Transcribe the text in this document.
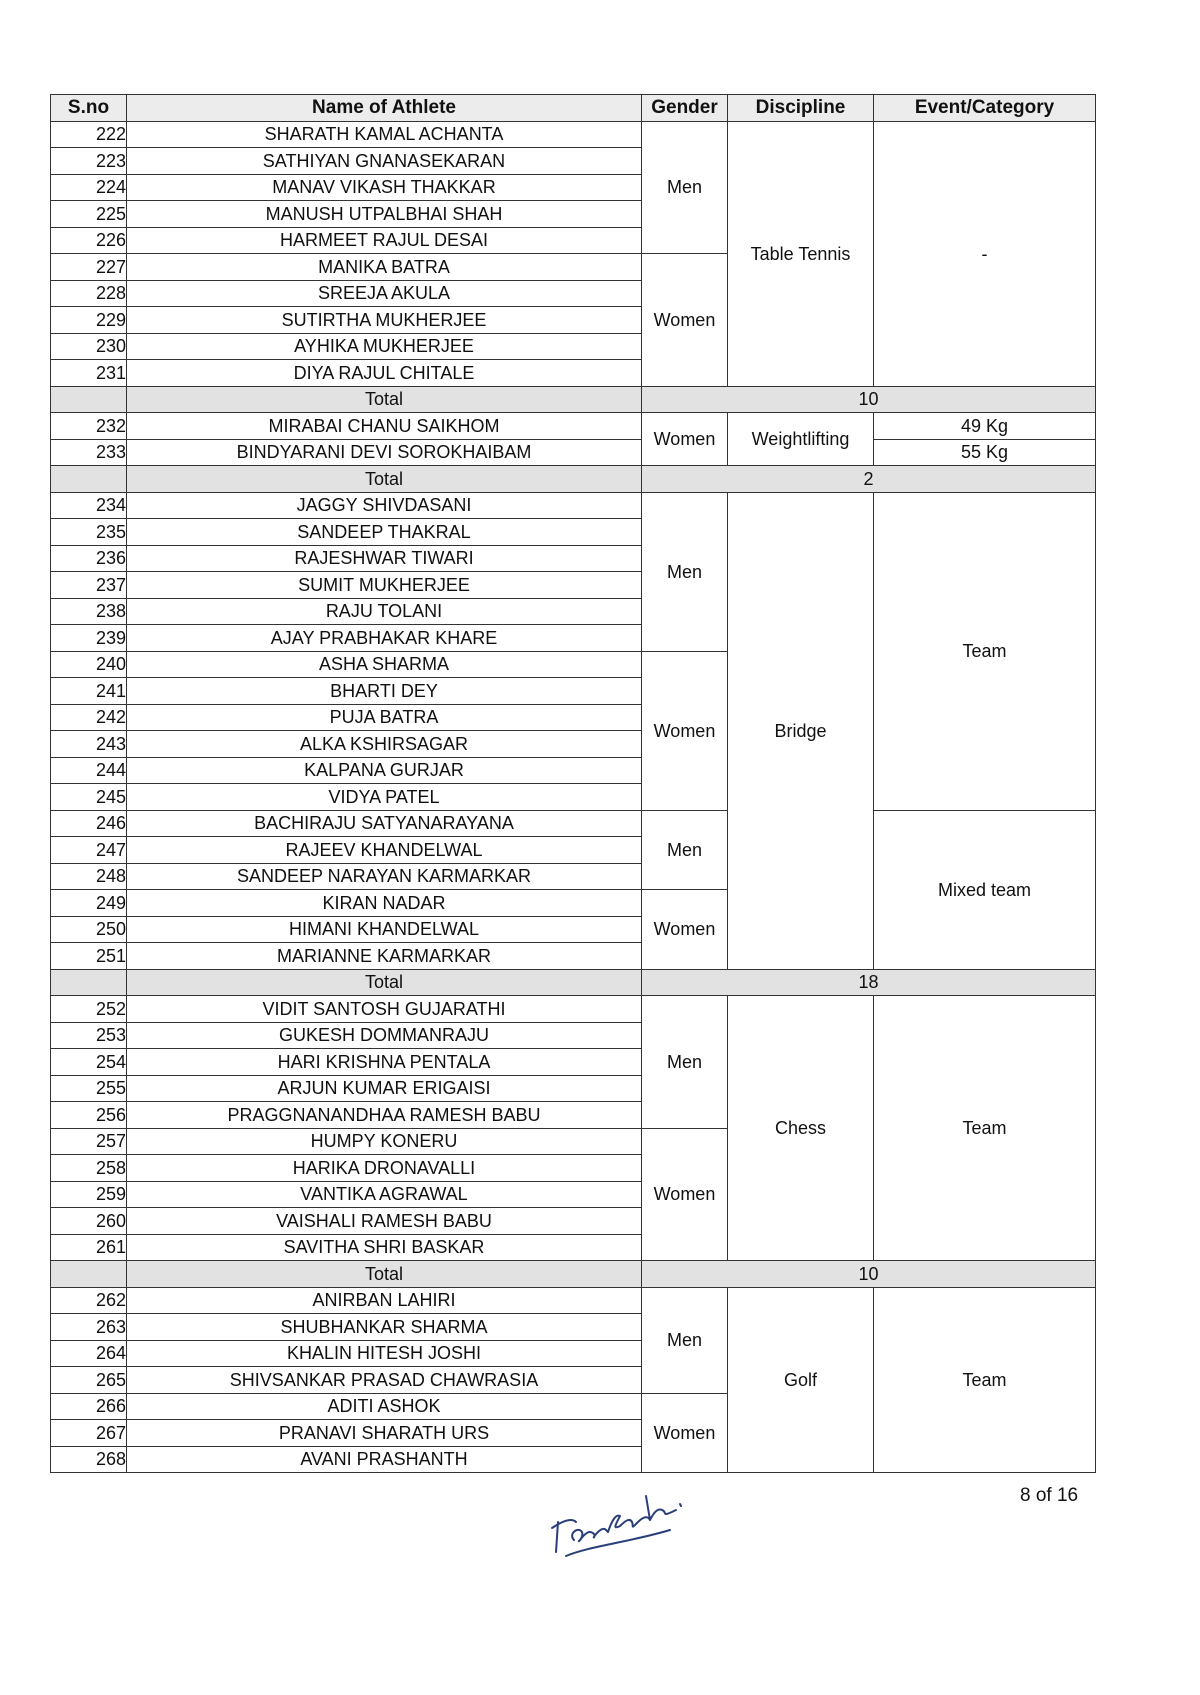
S.no	Name of Athlete	Gender	Discipline	Event/Category
222	SHARATH KAMAL ACHANTA	Men	Table Tennis	-
223	SATHIYAN GNANASEKARAN			
224	MANAV VIKASH THAKKAR			
225	MANUSH UTPALBHAI SHAH			
226	HARMEET RAJUL DESAI			
227	MANIKA BATRA	Women		
228	SREEJA AKULA			
229	SUTIRTHA MUKHERJEE			
230	AYHIKA MUKHERJEE			
231	DIYA RAJUL CHITALE			
	Total	10		
232	MIRABAI CHANU SAIKHOM	Women	Weightlifting	49 Kg
233	BINDYARANI DEVI SOROKHAIBAM			55 Kg
	Total	2		
234	JAGGY SHIVDASANI	Men	Bridge	Team
235	SANDEEP THAKRAL			
236	RAJESHWAR TIWARI			
237	SUMIT MUKHERJEE			
238	RAJU TOLANI			
239	AJAY PRABHAKAR KHARE			
240	ASHA SHARMA	Women		
241	BHARTI DEY			
242	PUJA BATRA			
243	ALKA KSHIRSAGAR			
244	KALPANA GURJAR			
245	VIDYA PATEL			
246	BACHIRAJU SATYANARAYANA	Men		Mixed team
247	RAJEEV KHANDELWAL			
248	SANDEEP NARAYAN KARMARKAR			
249	KIRAN NADAR	Women		
250	HIMANI KHANDELWAL			
251	MARIANNE KARMARKAR			
	Total	18		
252	VIDIT SANTOSH GUJARATHI	Men	Chess	Team
253	GUKESH DOMMANRAJU			
254	HARI KRISHNA PENTALA			
255	ARJUN KUMAR ERIGAISI			
256	PRAGGNANANDHAA RAMESH BABU			
257	HUMPY KONERU	Women		
258	HARIKA DRONAVALLI			
259	VANTIKA AGRAWAL			
260	VAISHALI RAMESH BABU			
261	SAVITHA SHRI BASKAR			
	Total	10		
262	ANIRBAN LAHIRI	Men	Golf	Team
263	SHUBHANKAR SHARMA			
264	KHALIN HITESH JOSHI			
265	SHIVSANKAR PRASAD CHAWRASIA			
266	ADITI ASHOK	Women		
267	PRANAVI SHARATH URS			
268	AVANI PRASHANTH			
8 of 16
